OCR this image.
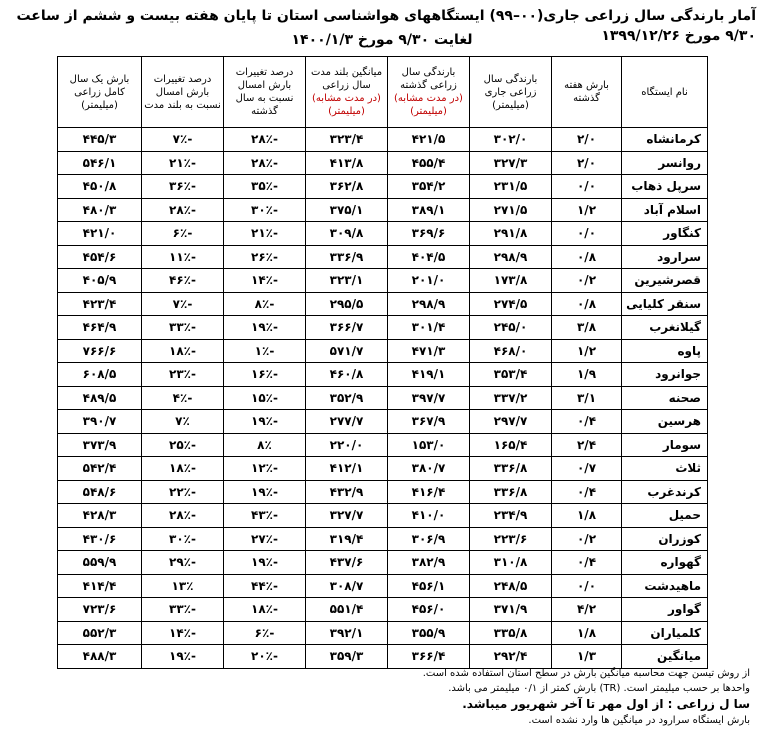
آمار بارندگی سال زراعی جاری(۰۰–۹۹) ایستگاههای هواشناسی استان تا پایان هفته بیست و ششم از ساعت ۹/۳۰ مورخ ۱۳۹۹/۱۲/۲۶
لغایت ۹/۳۰ مورخ ۱۴۰۰/۱/۳
نام ایستگاه	بارش هفته گذشته	بارندگی سال زراعی جاری (میلیمتر)	بارندگی سال زراعی گذشته
(در مدت مشابه)
(میلیمتر)	میانگین بلند مدت سال زراعی
(در مدت مشابه)
(میلیمتر)	درصد تغییرات بارش امسال نسبت به سال گذشته	درصد تغییرات بارش امسال نسبت به بلند مدت	بارش یک سال کامل زراعی (میلیمتر)
کرمانشاه	۲/۰	۳۰۲/۰	۴۲۱/۵	۳۲۳/۴	-۲۸٪	-۷٪	۴۴۵/۳
روانسر	۲/۰	۳۲۷/۳	۴۵۵/۴	۴۱۳/۸	-۲۸٪	-۲۱٪	۵۴۶/۱
سرپل ذهاب	۰/۰	۲۳۱/۵	۳۵۴/۲	۳۶۲/۸	-۳۵٪	-۳۶٪	۴۵۰/۸
اسلام آباد	۱/۲	۲۷۱/۵	۳۸۹/۱	۳۷۵/۱	-۳۰٪	-۲۸٪	۴۸۰/۳
کنگاور	۰/۰	۲۹۱/۸	۳۶۹/۶	۳۰۹/۸	-۲۱٪	-۶٪	۴۲۱/۰
سرارود	۰/۸	۲۹۸/۹	۴۰۴/۵	۳۳۶/۹	-۲۶٪	-۱۱٪	۴۵۴/۶
قصرشیرین	۰/۲	۱۷۳/۸	۲۰۱/۰	۳۲۳/۱	-۱۴٪	-۴۶٪	۴۰۵/۹
سنقر کلیایی	۰/۸	۲۷۴/۵	۲۹۸/۹	۲۹۵/۵	-۸٪	-۷٪	۴۲۳/۴
گیلانغرب	۳/۸	۲۴۵/۰	۳۰۱/۴	۳۶۶/۷	-۱۹٪	-۳۳٪	۴۶۴/۹
پاوه	۱/۲	۴۶۸/۰	۴۷۱/۳	۵۷۱/۷	-۱٪	-۱۸٪	۷۶۶/۶
جوانرود	۱/۹	۳۵۳/۴	۴۱۹/۱	۴۶۰/۸	-۱۶٪	-۲۳٪	۶۰۸/۵
صحنه	۳/۱	۳۳۷/۲	۳۹۷/۷	۳۵۲/۹	-۱۵٪	-۴٪	۴۸۹/۵
هرسین	۰/۴	۲۹۷/۷	۳۶۷/۹	۲۷۷/۷	-۱۹٪	۷٪	۳۹۰/۷
سومار	۲/۴	۱۶۵/۴	۱۵۳/۰	۲۲۰/۰	۸٪	-۲۵٪	۳۷۳/۹
ثلاث	۰/۷	۳۳۶/۸	۳۸۰/۷	۴۱۲/۱	-۱۲٪	-۱۸٪	۵۴۲/۴
کرندغرب	۰/۴	۳۳۶/۸	۴۱۶/۴	۴۳۲/۹	-۱۹٪	-۲۲٪	۵۴۸/۶
حمیل	۱/۸	۲۳۴/۹	۴۱۰/۰	۳۲۷/۷	-۴۳٪	-۲۸٪	۴۲۸/۳
کوزران	۰/۲	۲۲۳/۶	۳۰۶/۹	۳۱۹/۴	-۲۷٪	-۳۰٪	۴۳۰/۶
گهواره	۰/۴	۳۱۰/۸	۳۸۲/۹	۴۳۷/۶	-۱۹٪	-۲۹٪	۵۵۹/۹
ماهیدشت	۰/۰	۲۴۸/۵	۴۵۶/۱	۳۰۸/۷	-۴۴٪	۱۳٪	۴۱۴/۴
گواور	۴/۲	۳۷۱/۹	۴۵۶/۰	۵۵۱/۴	-۱۸٪	-۳۳٪	۷۲۳/۶
کلمیاران	۱/۸	۳۳۵/۸	۳۵۵/۹	۳۹۲/۱	-۶٪	-۱۴٪	۵۵۲/۳
میانگین	۱/۳	۲۹۲/۴	۳۶۶/۴	۳۵۹/۳	-۲۰٪	-۱۹٪	۴۸۸/۳
از روش تیسن جهت محاسبه میانگین بارش در سطح استان استفاده شده است.
واحدها بر حسب میلیمتر است. (TR) بارش کمتر از ۰/۱ میلیمتر می باشد.
سا ل زراعی : از اول مهر تا آخر شهریور میباشد.
بارش ایستگاه سرارود در میانگین ها وارد نشده است.
